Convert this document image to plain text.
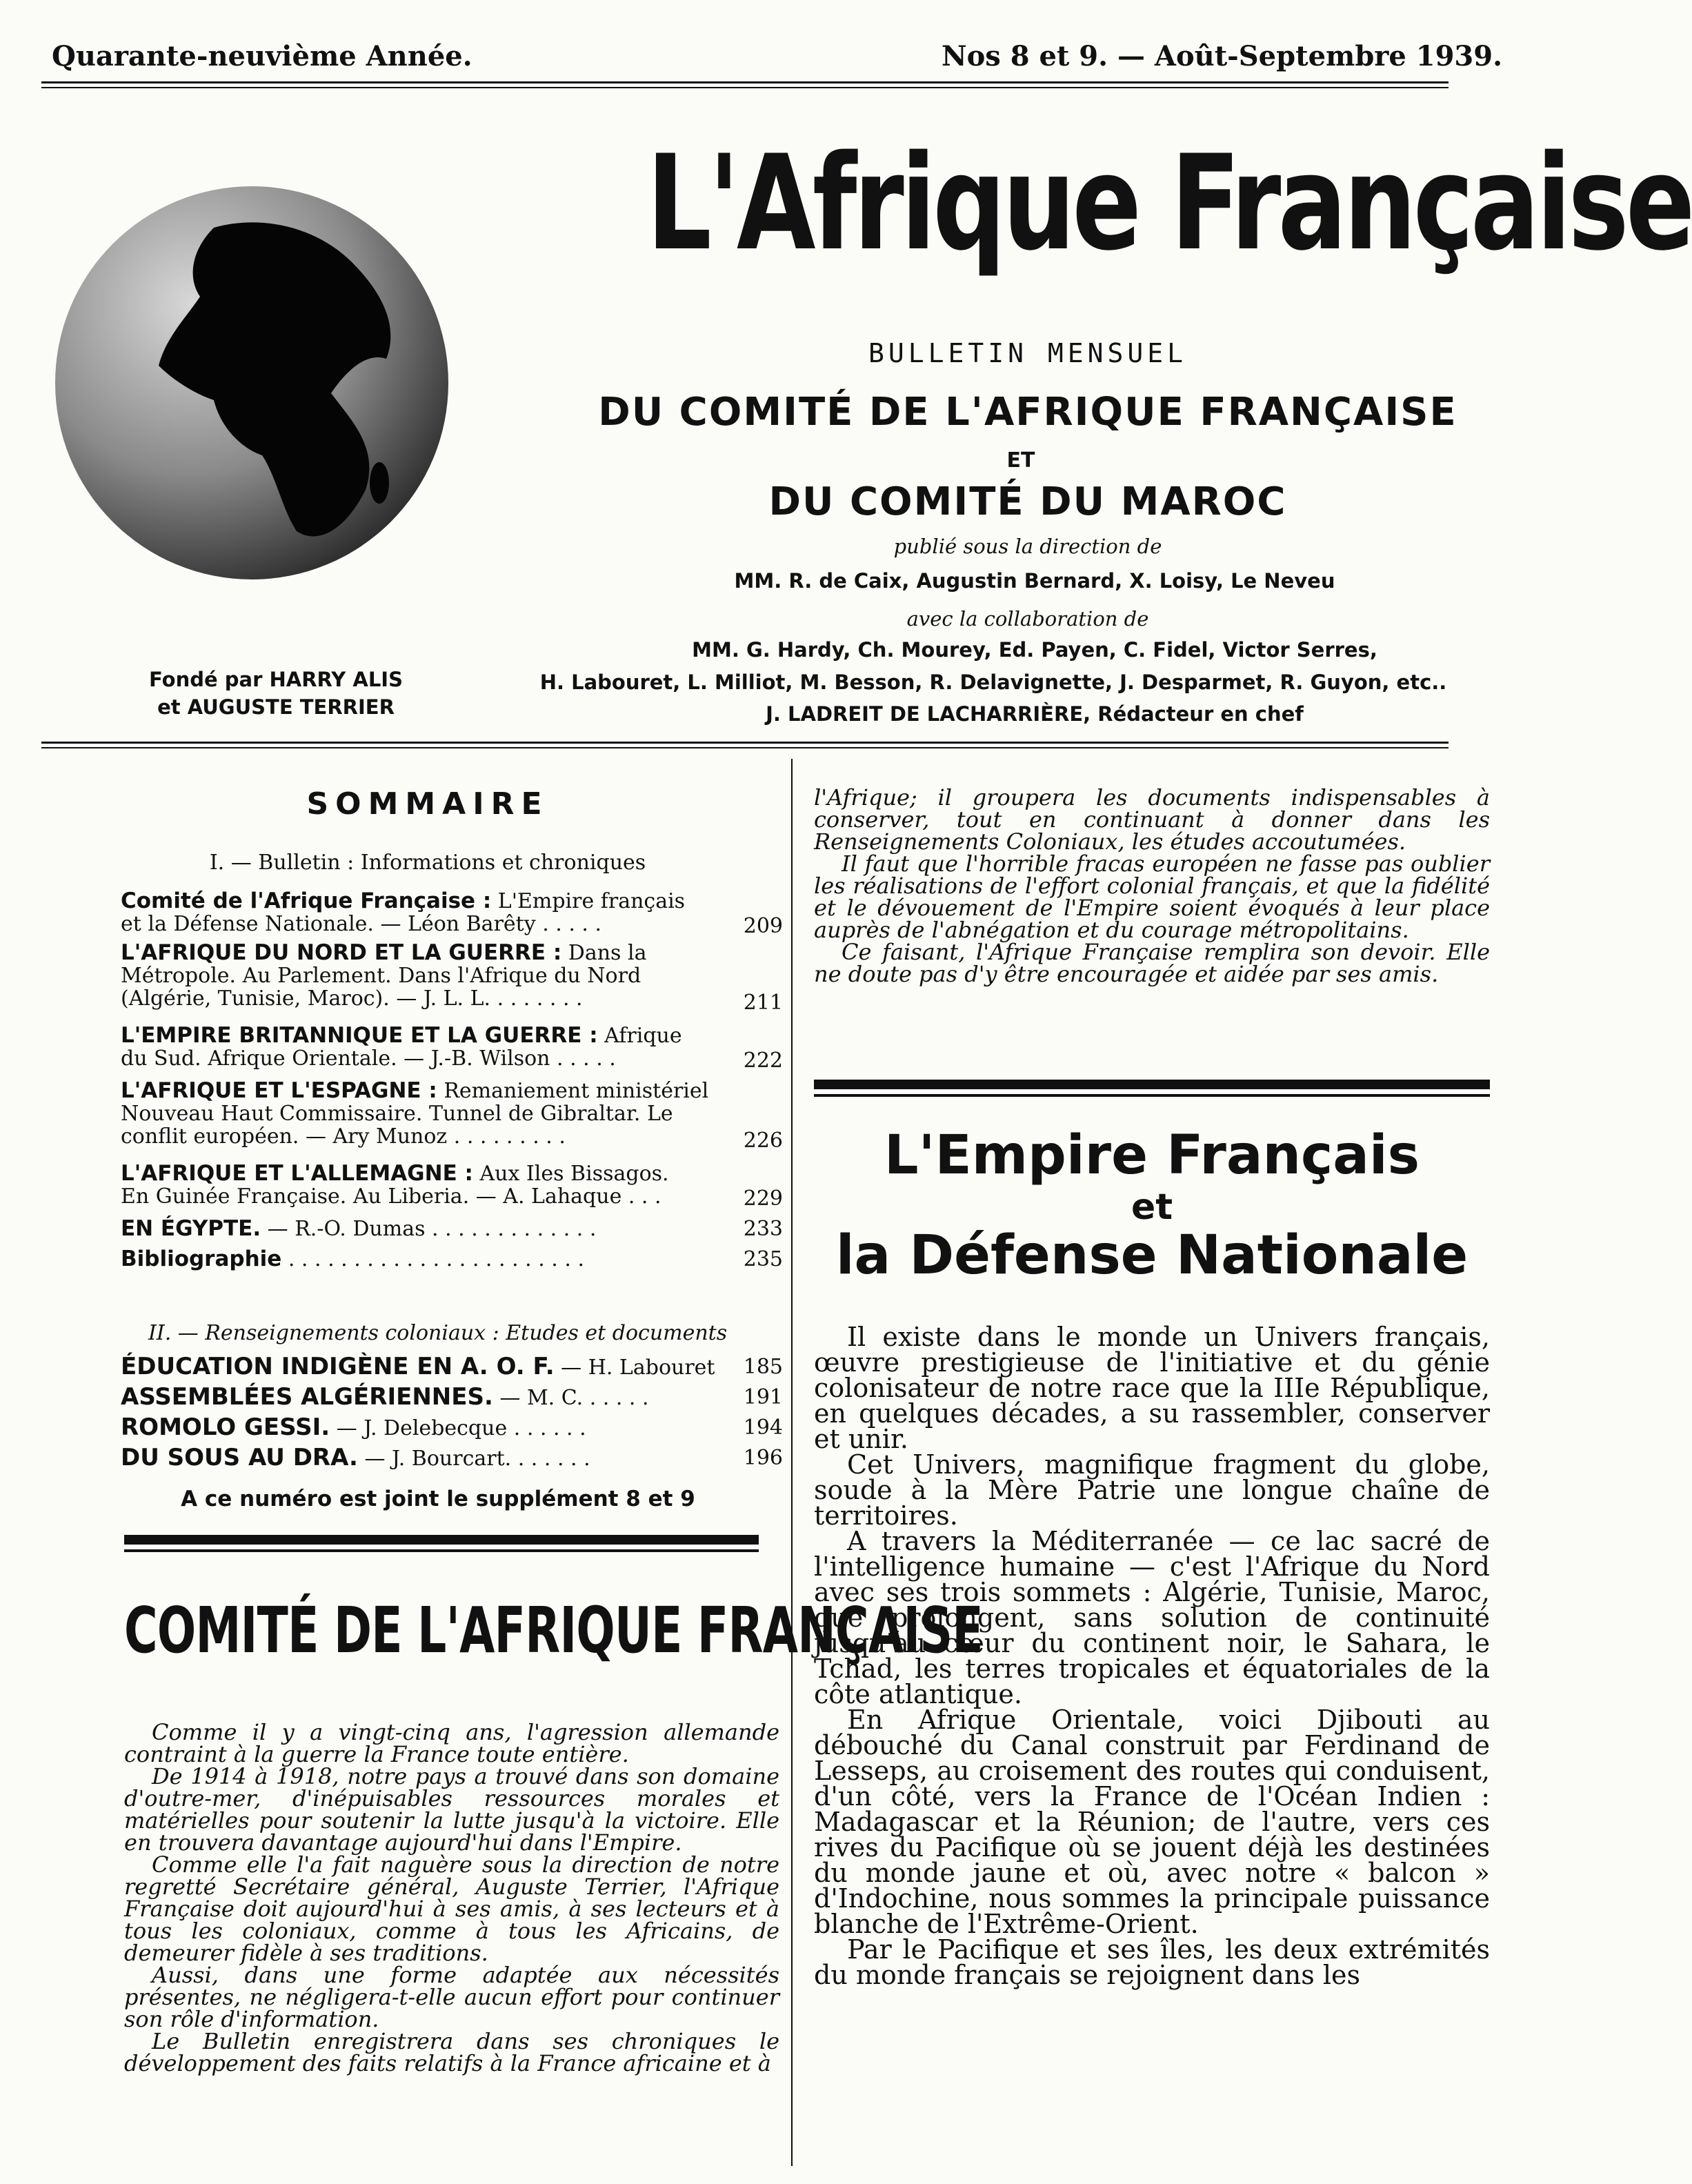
Quarante-neuvième Année.	Nos 8 et 9. — Août-Septembre 1939.
L'Afrique Française
BULLETIN MENSUEL
DU COMITÉ DE L'AFRIQUE FRANÇAISE
ET
DU COMITÉ DU MAROC
publié sous la direction de
MM. R. de Caix, Augustin Bernard, X. Loisy, Le Neveu
avec la collaboration de
MM. G. Hardy, Ch. Mourey, Ed. Payen, C. Fidel, Victor Serres,
H. Labouret, L. Milliot, M. Besson, R. Delavignette, J. Desparmet, R. Guyon, etc..
J. LADREIT DE LACHARRIÈRE, Rédacteur en chef
Fondé par HARRY ALIS
et AUGUSTE TERRIER
SOMMAIRE
I. — Bulletin : Informations et chroniques
Comité de l'Afrique Française : L'Empire français
et la Défense Nationale. — Léon Barêty . . . . .	209
L'AFRIQUE DU NORD ET LA GUERRE : Dans la
Métropole. Au Parlement. Dans l'Afrique du Nord
(Algérie, Tunisie, Maroc). — J. L. L. . . . . . . .	211
L'EMPIRE BRITANNIQUE ET LA GUERRE : Afrique
du Sud. Afrique Orientale. — J.-B. Wilson . . . . .	222
L'AFRIQUE ET L'ESPAGNE : Remaniement ministériel
Nouveau Haut Commissaire. Tunnel de Gibraltar. Le
conflit européen. — Ary Munoz . . . . . . . . .	226
L'AFRIQUE ET L'ALLEMAGNE : Aux Iles Bissagos.
En Guinée Française. Au Liberia. — A. Lahaque . . .	229
EN ÉGYPTE. — R.-O. Dumas . . . . . . . . . . . . .	233
Bibliographie . . . . . . . . . . . . . . . . . . . . . . .	235
II. — Renseignements coloniaux : Etudes et documents
ÉDUCATION INDIGÈNE EN A. O. F. — H. Labouret 185
ASSEMBLÉES ALGÉRIENNES. — M. C. . . . . .	191
ROMOLO GESSI. — J. Delebecque . . . . . .	194
DU SOUS AU DRA. — J. Bourcart. . . . . . .	196
A ce numéro est joint le supplément 8 et 9
COMITÉ DE L'AFRIQUE FRANÇAISE

Comme il y a vingt-cinq ans, l'agression allemande contraint à la guerre la France toute entière.

De 1914 à 1918, notre pays a trouvé dans son domaine d'outre-mer, d'inépuisables ressources morales et matérielles pour soutenir la lutte jusqu'à la victoire. Elle en trouvera davantage aujourd'hui dans l'Empire.

Comme elle l'a fait naguère sous la direction de notre regretté Secrétaire général, Auguste Terrier, l'Afrique Française doit aujourd'hui à ses amis, à ses lecteurs et à tous les coloniaux, comme à tous les Africains, de demeurer fidèle à ses traditions.

Aussi, dans une forme adaptée aux nécessités présentes, ne négligera-t-elle aucun effort pour continuer son rôle d'information.

Le Bulletin enregistrera dans ses chroniques le développement des faits relatifs à la France africaine et à

l'Afrique; il groupera les documents indispensables à conserver, tout en continuant à donner dans les Renseignements Coloniaux, les études accoutumées.

Il faut que l'horrible fracas européen ne fasse pas oublier les réalisations de l'effort colonial français, et que la fidélité et le dévouement de l'Empire soient évoqués à leur place auprès de l'abnégation et du courage métropolitains.

Ce faisant, l'Afrique Française remplira son devoir. Elle ne doute pas d'y être encouragée et aidée par ses amis.

L'Empire Français
et
la Défense Nationale

Il existe dans le monde un Univers français, œuvre prestigieuse de l'initiative et du génie colonisateur de notre race que la IIIe République, en quelques décades, a su rassembler, conserver et unir.

Cet Univers, magnifique fragment du globe, soude à la Mère Patrie une longue chaîne de territoires.

A travers la Méditerranée — ce lac sacré de l'intelligence humaine — c'est l'Afrique du Nord avec ses trois sommets : Algérie, Tunisie, Maroc, que prolongent, sans solution de continuité jusqu'au cœur du continent noir, le Sahara, le Tchad, les terres tropicales et équatoriales de la côte atlantique.

En Afrique Orientale, voici Djibouti au débouché du Canal construit par Ferdinand de Lesseps, au croisement des routes qui conduisent, d'un côté, vers la France de l'Océan Indien : Madagascar et la Réunion; de l'autre, vers ces rives du Pacifique où se jouent déjà les destinées du monde jaune et où, avec notre « balcon » d'Indochine, nous sommes la principale puissance blanche de l'Extrême-Orient.

Par le Pacifique et ses îles, les deux extrémités du monde français se rejoignent dans les
